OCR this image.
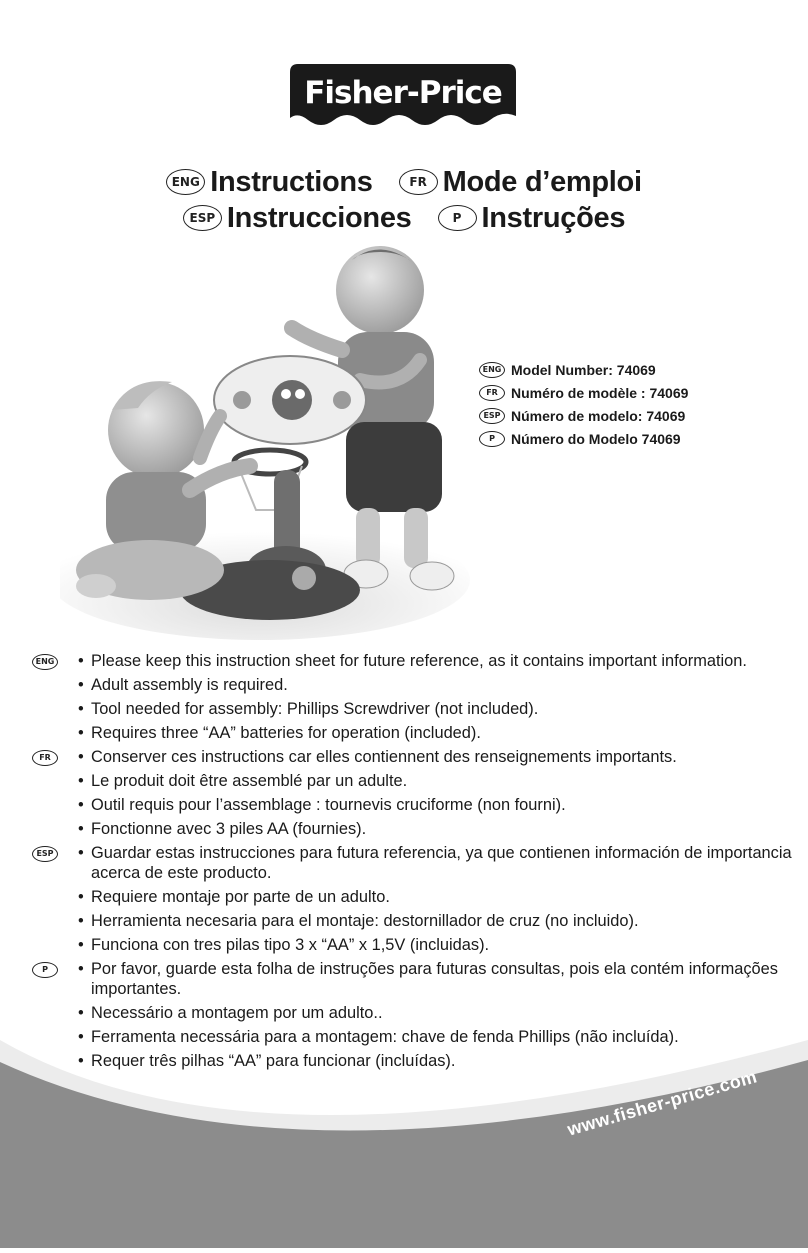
Fisher-Price
ENG Instructions	FR Mode d’emploi
ESP Instrucciones	P Instruções
ENG Model Number: 74069
FR Numéro de modèle : 74069
ESP Número de modelo: 74069
P	Número do Modelo 74069
ENG • Please keep this instruction sheet for future reference, as it contains important information.
• Adult assembly is required.
• Tool needed for assembly: Phillips Screwdriver (not included).
• Requires three “AA” batteries for operation (included).
FR	• Conserver ces instructions car elles contiennent des renseignements importants.
• Le produit doit être assemblé par un adulte.
• Outil requis pour l’assemblage : tournevis cruciforme (non fourni).
• Fonctionne avec 3 piles AA (fournies).
ESP • Guardar estas instrucciones para futura referencia, ya que contienen información de importancia acerca de este producto.
• Requiere montaje por parte de un adulto.
• Herramienta necesaria para el montaje: destornillador de cruz (no incluido).
• Funciona con tres pilas tipo 3 x “AA” x 1,5V (incluidas).
P	• Por favor, guarde esta folha de instruções para futuras consultas, pois ela contém informações importantes.
• Necessário a montagem por um adulto..
• Ferramenta necessária para a montagem: chave de fenda Phillips (não incluída).
• Requer três pilhas “AA” para funcionar (incluídas).
www.fisher-price.com
